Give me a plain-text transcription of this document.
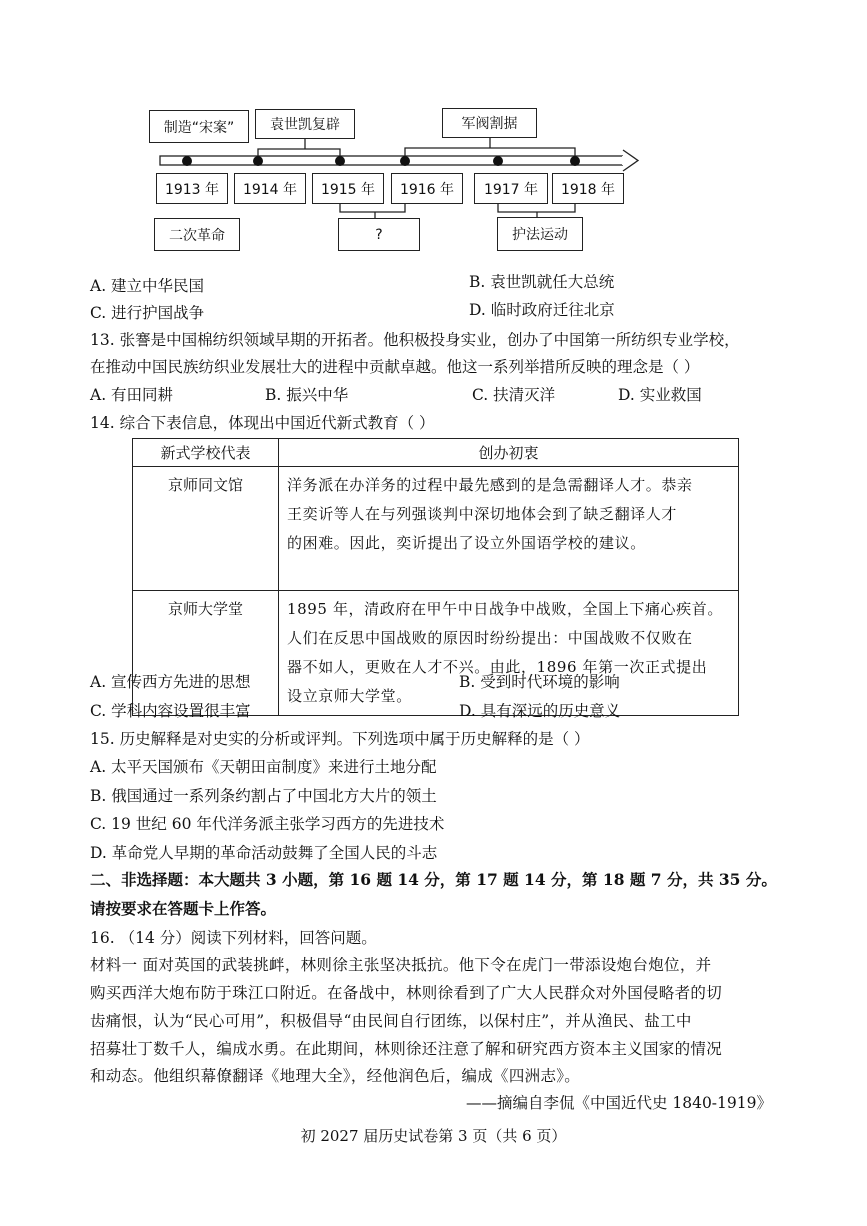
制造“宋案”	袁世凯复辟	军阀割据
1913 年	1914 年	1915 年	1916 年	1917 年	1918 年
二次革命	?	护法运动
A. 建立中华民国	B. 袁世凯就任大总统
C. 进行护国战争	D. 临时政府迁往北京
13. 张謇是中国棉纺织领域早期的开拓者。他积极投身实业，创办了中国第一所纺织专业学校，
在推动中国民族纺织业发展壮大的进程中贡献卓越。他这一系列举措所反映的理念是（ ）
A. 有田同耕	B. 振兴中华	C. 扶清灭洋	D. 实业救国
14. 综合下表信息，体现出中国近代新式教育（ ）
新式学校代表	创办初衷
京师同文馆	洋务派在办洋务的过程中最先感到的是急需翻译人才。恭亲
王奕䜣等人在与列强谈判中深切地体会到了缺乏翻译人才
的困难。因此，奕䜣提出了设立外国语学校的建议。

京师大学堂	1895 年，清政府在甲午中日战争中战败，全国上下痛心疾首。
人们在反思中国战败的原因时纷纷提出：中国战败不仅败在
器不如人，更败在人才不兴。由此，1896 年第一次正式提出
设立京师大学堂。
A. 宣传西方先进的思想	B. 受到时代环境的影响
C. 学科内容设置很丰富	D. 具有深远的历史意义
15. 历史解释是对史实的分析或评判。下列选项中属于历史解释的是（ ）
A. 太平天国颁布《天朝田亩制度》来进行土地分配
B. 俄国通过一系列条约割占了中国北方大片的领土
C. 19 世纪 60 年代洋务派主张学习西方的先进技术
D. 革命党人早期的革命活动鼓舞了全国人民的斗志
二、非选择题：本大题共 3 小题，第 16 题 14 分，第 17 题 14 分，第 18 题 7 分，共 35 分。
请按要求在答题卡上作答。
16. （14 分）阅读下列材料，回答问题。
材料一 面对英国的武装挑衅，林则徐主张坚决抵抗。他下令在虎门一带添设炮台炮位，并
购买西洋大炮布防于珠江口附近。在备战中，林则徐看到了广大人民群众对外国侵略者的切
齿痛恨，认为“民心可用”，积极倡导“由民间自行团练，以保村庄”，并从渔民、盐工中
招募壮丁数千人，编成水勇。在此期间，林则徐还注意了解和研究西方资本主义国家的情况
和动态。他组织幕僚翻译《地理大全》，经他润色后，编成《四洲志》。
——摘编自李侃《中国近代史 1840-1919》
初 2027 届历史试卷第 3 页（共 6 页）
